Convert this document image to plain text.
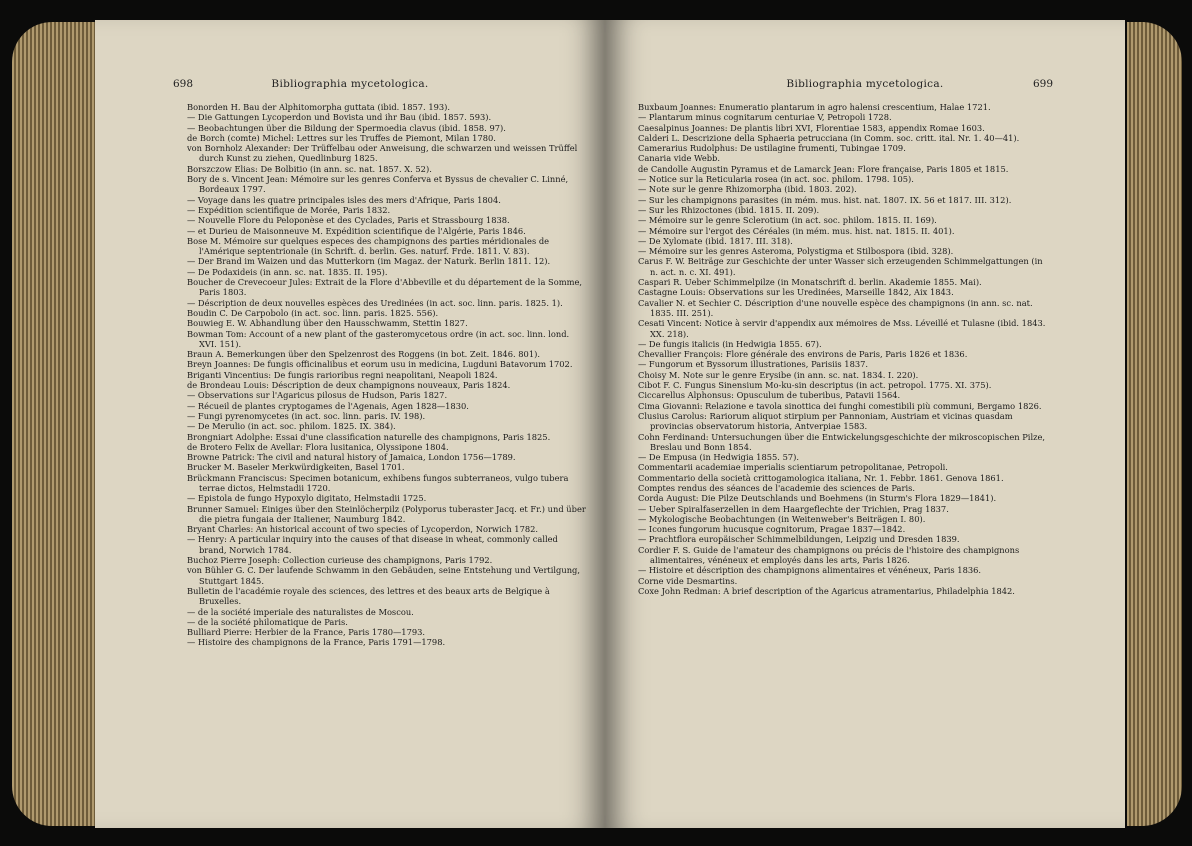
698	Bibliographia mycetologica.

Bonorden H. Bau der Alphitomorpha guttata (ibid. 1857. 193).

— Die Gattungen Lycoperdon und Bovista und ihr Bau (ibid. 1857. 593).

— Beobachtungen über die Bildung der Spermoedia clavus (ibid. 1858. 97).

de Borch (comte) Michel: Lettres sur les Truffes de Piemont, Milan 1780.

von Bornholz Alexander: Der Trüffelbau oder Anweisung, die schwarzen und weissen Trüffel durch Kunst zu ziehen, Quedlinburg 1825.

Borszczow Elias: De Bolbitio (in ann. sc. nat. 1857. X. 52).

Bory de s. Vincent Jean: Mémoire sur les genres Conferva et Byssus de chevalier C. Linné, Bordeaux 1797.

— Voyage dans les quatre principales isles des mers d'Afrique, Paris 1804.

— Expédition scientifique de Morée, Paris 1832.

— Nouvelle Flore du Peloponèse et des Cyclades, Paris et Strassbourg 1838.

— et Durieu de Maisonneuve M. Expédition scientifique de l'Algérie, Paris 1846.

Bose M. Mémoire sur quelques especes des champignons des parties méridionales de l'Amérique septentrionale (in Schrift. d. berlin. Ges. naturf. Frde. 1811. V. 83).

— Der Brand im Waizen und das Mutterkorn (im Magaz. der Naturk. Berlin 1811. 12).

— De Podaxideis (in ann. sc. nat. 1835. II. 195).

Boucher de Crevecoeur Jules: Extrait de la Flore d'Abbeville et du département de la Somme, Paris 1803.

— Déscription de deux nouvelles espèces des Uredinées (in act. soc. linn. paris. 1825. 1).

Boudin C. De Carpobolo (in act. soc. linn. paris. 1825. 556).

Bouwieg E. W. Abhandlung über den Hausschwamm, Stettin 1827.

Bowman Tom: Account of a new plant of the gasteromycetous ordre (in act. soc. linn. lond. XVI. 151).

Braun A. Bemerkungen über den Spelzenrost des Roggens (in bot. Zeit. 1846. 801).

Breyn Joannes: De fungis officinalibus et eorum usu in medicina, Lugduni Batavorum 1702.

Briganti Vincentius: De fungis rarioribus regni neapolitani, Neapoli 1824.

de Brondeau Louis: Déscription de deux champignons nouveaux, Paris 1824.

— Observations sur l'Agaricus pilosus de Hudson, Paris 1827.

— Récueil de plantes cryptogames de l'Agenais, Agen 1828—1830.

— Fungi pyrenomycetes (in act. soc. linn. paris. IV. 198).

— De Merulio (in act. soc. philom. 1825. IX. 384).

Brongniart Adolphe: Essai d'une classification naturelle des champignons, Paris 1825.

de Brotero Felix de Avellar: Flora lusitanica, Olyssipone 1804.

Browne Patrick: The civil and natural history of Jamaica, London 1756—1789.

Brucker M. Baseler Merkwürdigkeiten, Basel 1701.

Brückmann Franciscus: Specimen botanicum, exhibens fungos subterraneos, vulgo tubera terrae dictos, Helmstadii 1720.

— Epistola de fungo Hypoxylo digitato, Helmstadii 1725.

Brunner Samuel: Einiges über den Steinlöcherpilz (Polyporus tuberaster Jacq. et Fr.) und über die pietra fungaia der Italiener, Naumburg 1842.

Bryant Charles: An historical account of two species of Lycoperdon, Norwich 1782.

— Henry: A particular inquiry into the causes of that disease in wheat, commonly called brand, Norwich 1784.

Buchoz Pierre Joseph: Collection curieuse des champignons, Paris 1792.

von Bühler G. C. Der laufende Schwamm in den Gebäuden, seine Entstehung und Vertilgung, Stuttgart 1845.

Bulletin de l'académie royale des sciences, des lettres et des beaux arts de Belgique à Bruxelles.

— de la société imperiale des naturalistes de Moscou.

— de la société philomatique de Paris.

Bulliard Pierre: Herbier de la France, Paris 1780—1793.

— Histoire des champignons de la France, Paris 1791—1798.

Bibliographia mycetologica.	699

Buxbaum Joannes: Enumeratio plantarum in agro halensi crescentium, Halae 1721.

— Plantarum minus cognitarum centuriae V, Petropoli 1728.

Caesalpinus Joannes: De plantis libri XVI, Florentiae 1583, appendix Romae 1603.

Calderi L. Descrizione della Sphaeria petrucciana (in Comm. soc. critt. ital. Nr. 1. 40—41).

Camerarius Rudolphus: De ustilagine frumenti, Tubingae 1709.

Canaria vide Webb.

de Candolle Augustin Pyramus et de Lamarck Jean: Flore française, Paris 1805 et 1815.

— Notice sur la Reticularia rosea (in act. soc. philom. 1798. 105).

— Note sur le genre Rhizomorpha (ibid. 1803. 202).

— Sur les champignons parasites (in mém. mus. hist. nat. 1807. IX. 56 et 1817. III. 312).

— Sur les Rhizoctones (ibid. 1815. II. 209).

— Mémoire sur le genre Sclerotium (in act. soc. philom. 1815. II. 169).

— Mémoire sur l'ergot des Céréales (in mém. mus. hist. nat. 1815. II. 401).

— De Xylomate (ibid. 1817. III. 318).

— Mémoire sur les genres Asteroma, Polystigma et Stilbospora (ibid. 328).

Carus F. W. Beiträge zur Geschichte der unter Wasser sich erzeugenden Schimmelgattungen (in n. act. n. c. XI. 491).

Caspari R. Ueber Schimmelpilze (in Monatschrift d. berlin. Akademie 1855. Mai).

Castagne Louis: Observations sur les Uredinées, Marseille 1842, Aix 1843.

Cavalier N. et Sechier C. Déscription d'une nouvelle espèce des champignons (in ann. sc. nat. 1835. III. 251).

Cesati Vincent: Notice à servir d'appendix aux mémoires de Mss. Léveillé et Tulasne (ibid. 1843. XX. 218).

— De fungis italicis (in Hedwigia 1855. 67).

Chevallier François: Flore générale des environs de Paris, Paris 1826 et 1836.

— Fungorum et Byssorum illustrationes, Parisiis 1837.

Choisy M. Note sur le genre Erysibe (in ann. sc. nat. 1834. I. 220).

Cibot F. C. Fungus Sinensium Mo-ku-sin descriptus (in act. petropol. 1775. XI. 375).

Ciccarellus Alphonsus: Opusculum de tuberibus, Patavii 1564.

Cima Giovanni: Relazione e tavola sinottica dei funghi comestibili più communi, Bergamo 1826.

Clusius Carolus: Rariorum aliquot stirpium per Pannoniam, Austriam et vicinas quasdam provincias observatorum historia, Antverpiae 1583.

Cohn Ferdinand: Untersuchungen über die Entwickelungsgeschichte der mikroscopischen Pilze, Breslau und Bonn 1854.

— De Empusa (in Hedwigia 1855. 57).

Commentarii academiae imperialis scientiarum petropolitanae, Petropoli.

Commentario della società crittogamologica italiana, Nr. 1. Febbr. 1861. Genova 1861.

Comptes rendus des séances de l'academie des sciences de Paris.

Corda August: Die Pilze Deutschlands und Boehmens (in Sturm's Flora 1829—1841).

— Ueber Spiralfaserzellen in dem Haargeflechte der Trichien, Prag 1837.

— Mykologische Beobachtungen (in Weitenweber's Beiträgen I. 80).

— Icones fungorum hucusque cognitorum, Pragae 1837—1842.

— Prachtflora europäischer Schimmelbildungen, Leipzig und Dresden 1839.

Cordier F. S. Guide de l'amateur des champignons ou précis de l'histoire des champignons alimentaires, vénéneux et employés dans les arts, Paris 1826.

— Histoire et déscription des champignons alimentaires et vénéneux, Paris 1836.

Corne vide Desmartins.

Coxe John Redman: A brief description of the Agaricus atramentarius, Philadelphia 1842.
